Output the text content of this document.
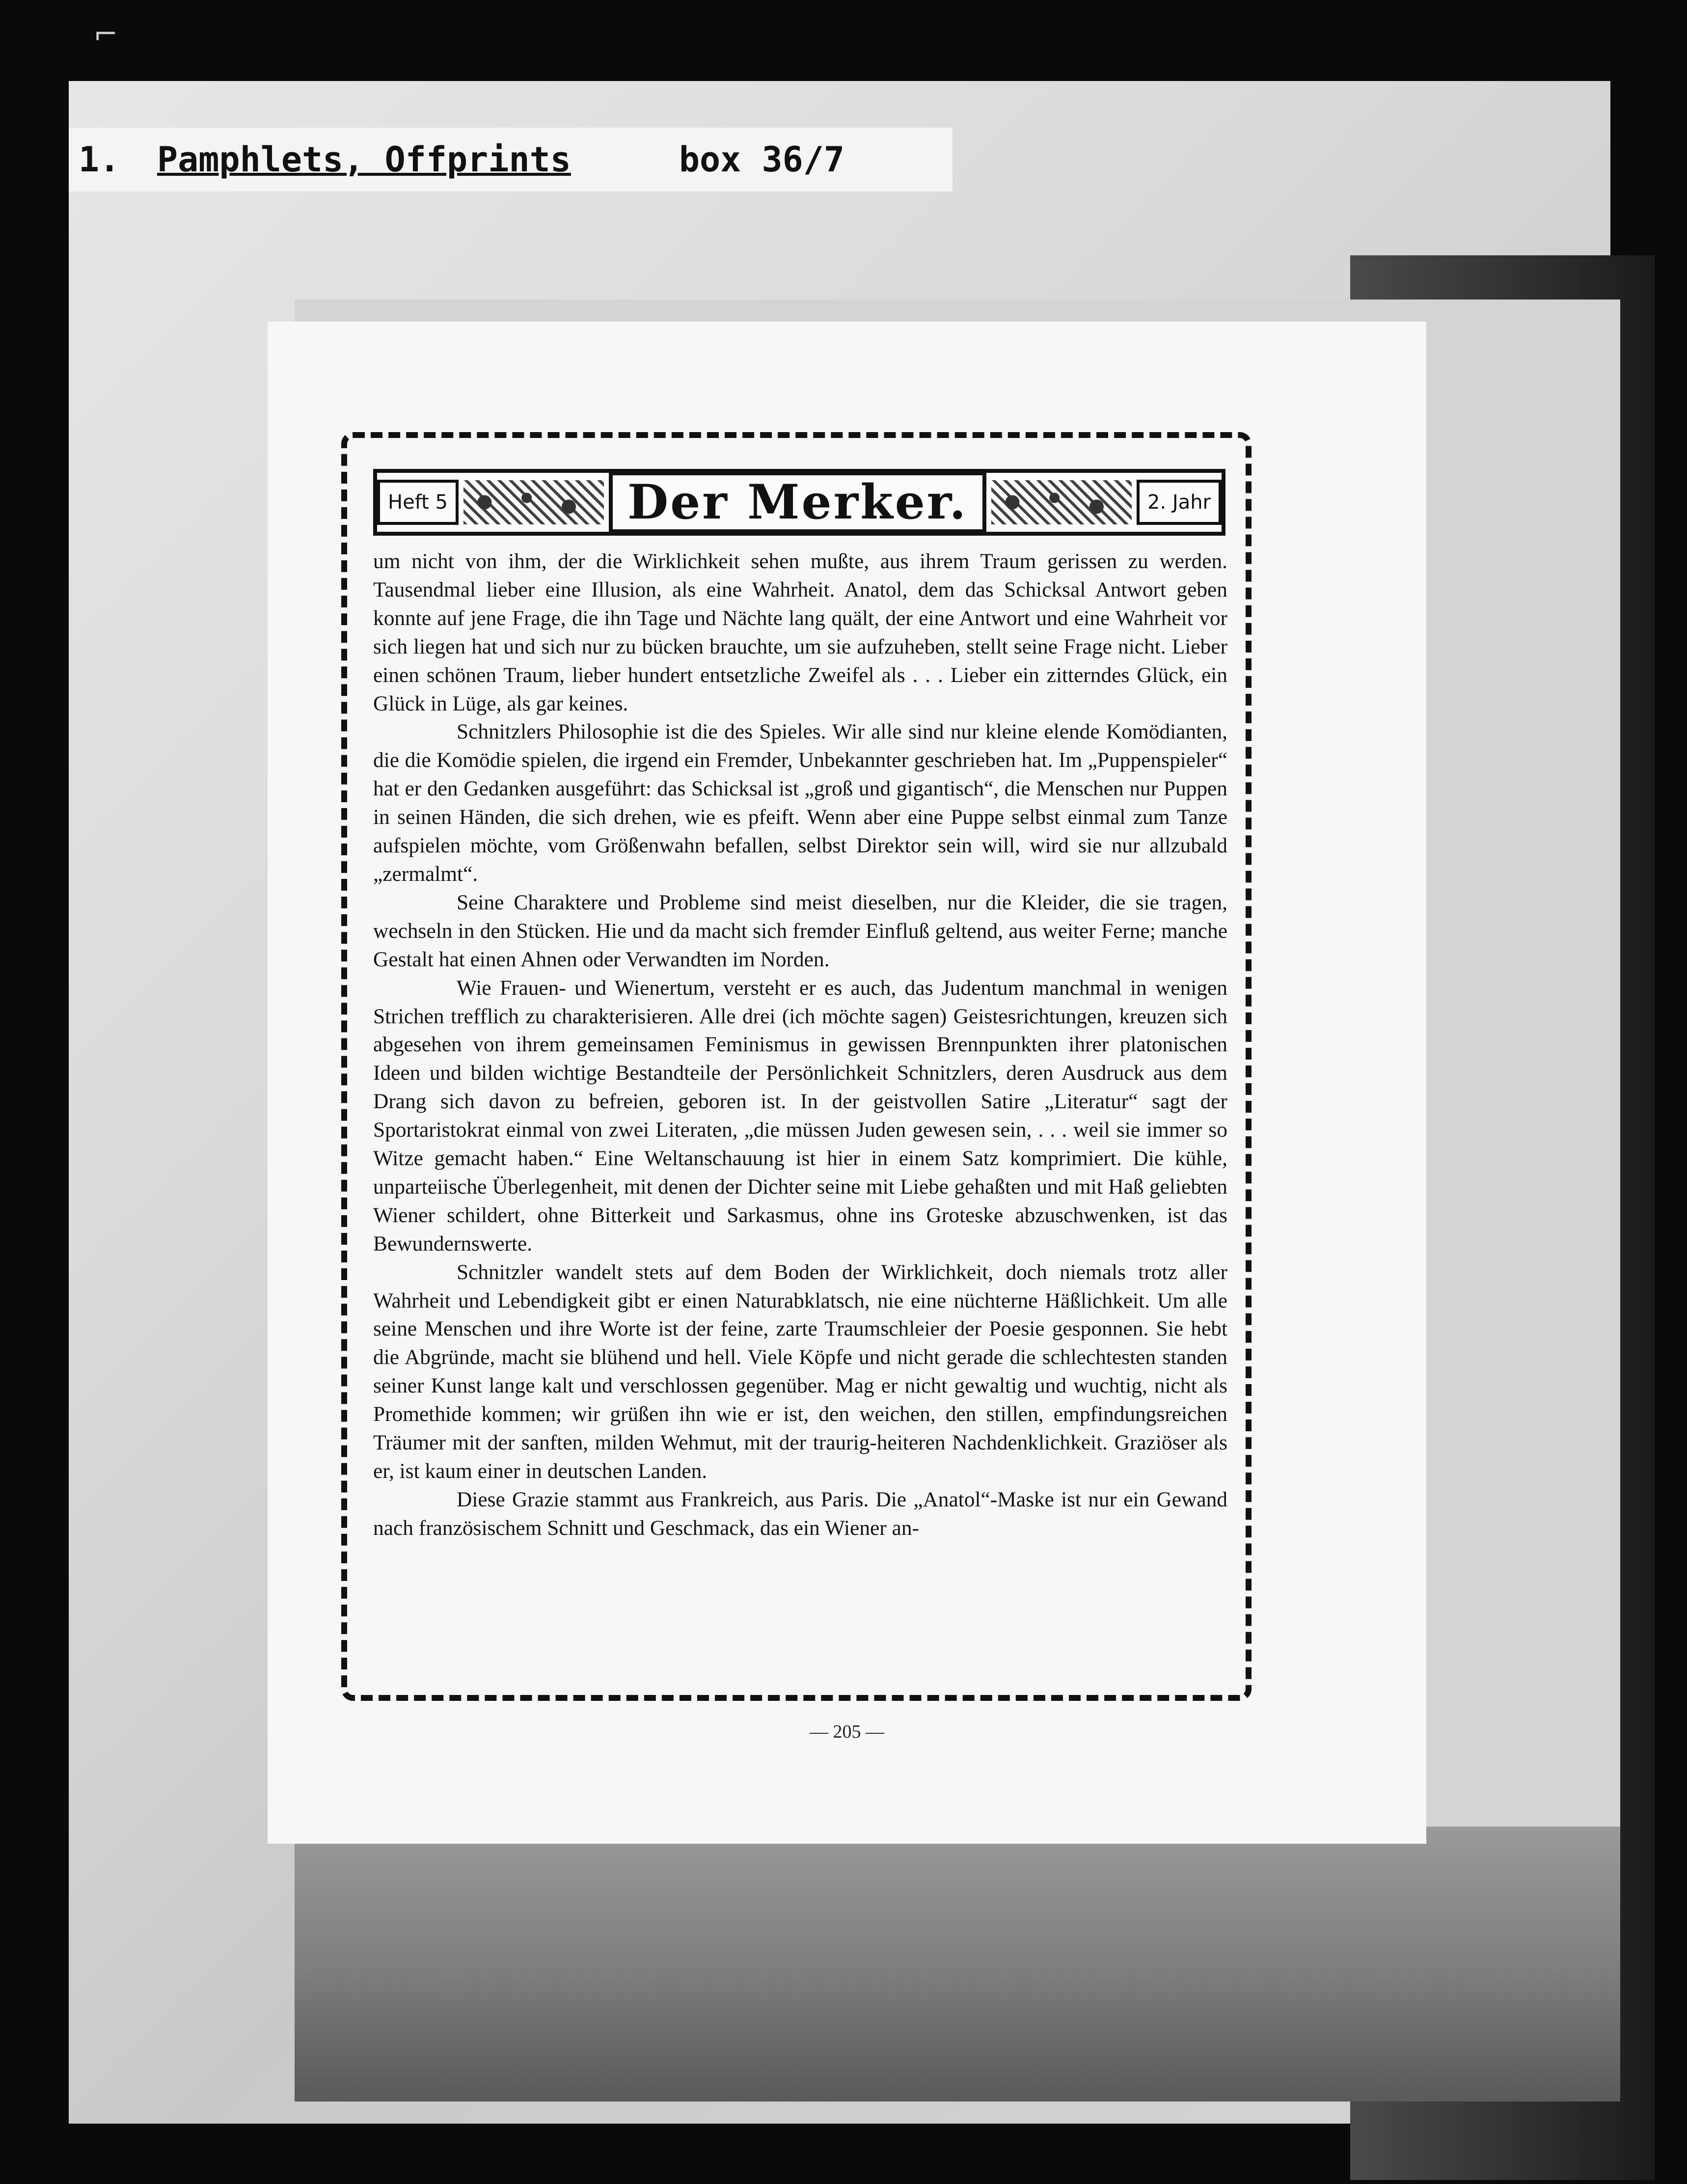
⌐
1.	Pamphlets, Offprints	box 36/7
Heft 5	Der Merker.	2. Jahr

um nicht von ihm, der die Wirklichkeit sehen mußte, aus ihrem Traum gerissen zu werden. Tausendmal lieber eine Illusion, als eine Wahrheit. Anatol, dem das Schicksal Antwort geben konnte auf jene Frage, die ihn Tage und Nächte lang quält, der eine Antwort und eine Wahrheit vor sich liegen hat und sich nur zu bücken brauchte, um sie aufzuheben, stellt seine Frage nicht. Lieber einen schönen Traum, lieber hundert entsetzliche Zweifel als . . . Lieber ein zitterndes Glück, ein Glück in Lüge, als gar keines.

Schnitzlers Philosophie ist die des Spieles. Wir alle sind nur kleine elende Komödianten, die die Komödie spielen, die irgend ein Fremder, Unbekannter geschrieben hat. Im „Puppenspieler“ hat er den Gedanken ausgeführt: das Schicksal ist „groß und gigantisch“, die Menschen nur Puppen in seinen Händen, die sich drehen, wie es pfeift. Wenn aber eine Puppe selbst einmal zum Tanze aufspielen möchte, vom Größenwahn befallen, selbst Direktor sein will, wird sie nur allzubald „zermalmt“.

Seine Charaktere und Probleme sind meist dieselben, nur die Kleider, die sie tragen, wechseln in den Stücken. Hie und da macht sich fremder Einfluß geltend, aus weiter Ferne; manche Gestalt hat einen Ahnen oder Verwandten im Norden.

Wie Frauen- und Wienertum, versteht er es auch, das Judentum manchmal in wenigen Strichen trefflich zu charakterisieren. Alle drei (ich möchte sagen) Geistesrichtungen, kreuzen sich abgesehen von ihrem gemeinsamen Feminismus in gewissen Brennpunkten ihrer platonischen Ideen und bilden wichtige Bestandteile der Persönlichkeit Schnitzlers, deren Ausdruck aus dem Drang sich davon zu befreien, geboren ist. In der geistvollen Satire „Literatur“ sagt der Sportaristokrat einmal von zwei Literaten, „die müssen Juden gewesen sein, . . . weil sie immer so Witze gemacht haben.“ Eine Weltanschauung ist hier in einem Satz komprimiert. Die kühle, unparteiische Überlegenheit, mit denen der Dichter seine mit Liebe gehaßten und mit Haß geliebten Wiener schildert, ohne Bitterkeit und Sarkasmus, ohne ins Groteske abzuschwenken, ist das Bewundernswerte.

Schnitzler wandelt stets auf dem Boden der Wirklichkeit, doch niemals trotz aller Wahrheit und Lebendigkeit gibt er einen Naturabklatsch, nie eine nüchterne Häßlichkeit. Um alle seine Menschen und ihre Worte ist der feine, zarte Traumschleier der Poesie gesponnen. Sie hebt die Abgründe, macht sie blühend und hell. Viele Köpfe und nicht gerade die schlechtesten standen seiner Kunst lange kalt und verschlossen gegenüber. Mag er nicht gewaltig und wuchtig, nicht als Promethide kommen; wir grüßen ihn wie er ist, den weichen, den stillen, empfindungsreichen Träumer mit der sanften, milden Wehmut, mit der traurig-heiteren Nachdenklichkeit. Graziöser als er, ist kaum einer in deutschen Landen.

Diese Grazie stammt aus Frankreich, aus Paris. Die „Anatol“-Maske ist nur ein Gewand nach französischem Schnitt und Geschmack, das ein Wiener an-

— 205 —
